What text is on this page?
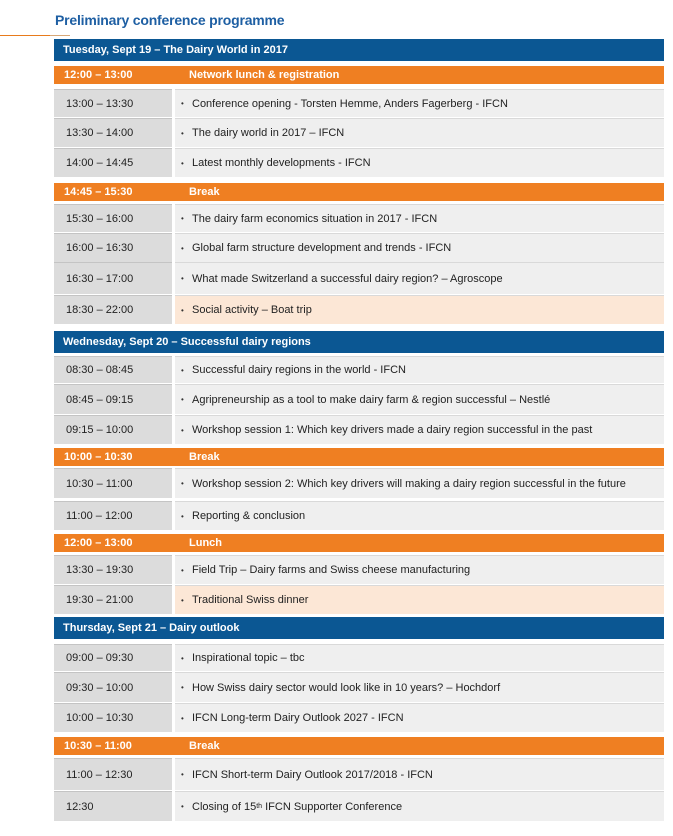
Preliminary conference programme
Tuesday, Sept 19 – The Dairy World in 2017
12:00 – 13:00	Network lunch & registration
13:00 – 13:30	• Conference opening - Torsten Hemme, Anders Fagerberg - IFCN
13:30 – 14:00	• The dairy world in 2017 – IFCN
14:00 – 14:45	• Latest monthly developments - IFCN
14:45 – 15:30	Break
15:30 – 16:00	• The dairy farm economics situation in 2017 - IFCN
16:00 – 16:30	• Global farm structure development and trends - IFCN
16:30 – 17:00	• What made Switzerland a successful dairy region? – Agroscope
18:30 – 22:00	• Social activity – Boat trip
Wednesday, Sept 20 – Successful dairy regions
08:30 – 08:45	• Successful dairy regions in the world - IFCN
08:45 – 09:15	• Agripreneurship as a tool to make dairy farm & region successful – Nestlé
09:15 – 10:00	• Workshop session 1: Which key drivers made a dairy region successful in the past
10:00 – 10:30	Break
10:30 – 11:00	• Workshop session 2: Which key drivers will making a dairy region successful in the future
11:00 – 12:00	• Reporting & conclusion
12:00 – 13:00	Lunch
13:30 – 19:30	• Field Trip – Dairy farms and Swiss cheese manufacturing
19:30 – 21:00	• Traditional Swiss dinner
Thursday, Sept 21 – Dairy outlook
09:00 – 09:30	• Inspirational topic – tbc
09:30 – 10:00	• How Swiss dairy sector would look like in 10 years? – Hochdorf
10:00 – 10:30	• IFCN Long-term Dairy Outlook 2027 - IFCN
10:30 – 11:00	Break
11:00 – 12:30	• IFCN Short-term Dairy Outlook 2017/2018 - IFCN
12:30	• Closing of 15 th IFCN Supporter Conference
